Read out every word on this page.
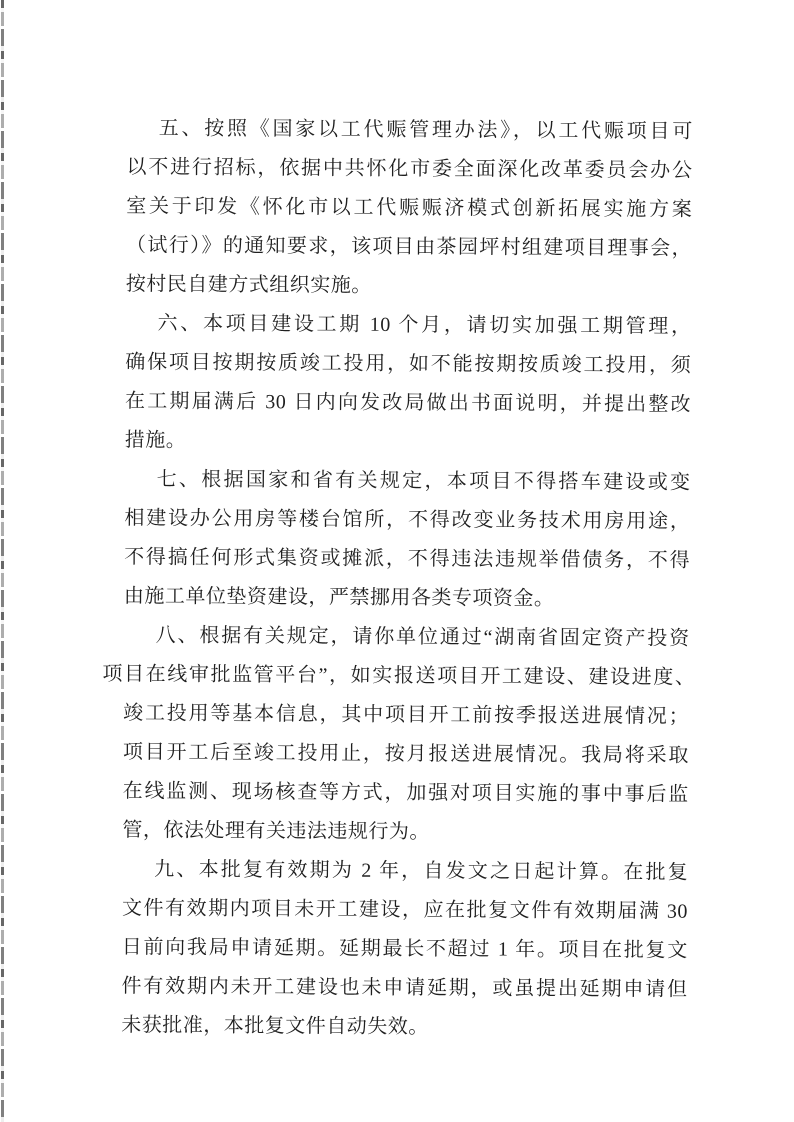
五、按照《国家以工代赈管理办法》，以工代赈项目可
以不进行招标，依据中共怀化市委全面深化改革委员会办公
室关于印发《怀化市以工代赈赈济模式创新拓展实施方案
（试行）》的通知要求，该项目由茶园坪村组建项目理事会，
按村民自建方式组织实施。

六、本项目建设工期 10 个月，请切实加强工期管理，
确保项目按期按质竣工投用，如不能按期按质竣工投用，须
在工期届满后 30 日内向发改局做出书面说明，并提出整改
措施。

七、根据国家和省有关规定，本项目不得搭车建设或变
相建设办公用房等楼台馆所，不得改变业务技术用房用途，
不得搞任何形式集资或摊派，不得违法违规举借债务，不得
由施工单位垫资建设，严禁挪用各类专项资金。

八、根据有关规定，请你单位通过“湖南省固定资产投资
项目在线审批监管平台”，如实报送项目开工建设、建设进度、
竣工投用等基本信息，其中项目开工前按季报送进展情况；
项目开工后至竣工投用止，按月报送进展情况。我局将采取
在线监测、现场核查等方式，加强对项目实施的事中事后监
管，依法处理有关违法违规行为。

九、本批复有效期为 2 年，自发文之日起计算。在批复
文件有效期内项目未开工建设，应在批复文件有效期届满 30
日前向我局申请延期。延期最长不超过 1 年。项目在批复文
件有效期内未开工建设也未申请延期，或虽提出延期申请但
未获批准，本批复文件自动失效。
